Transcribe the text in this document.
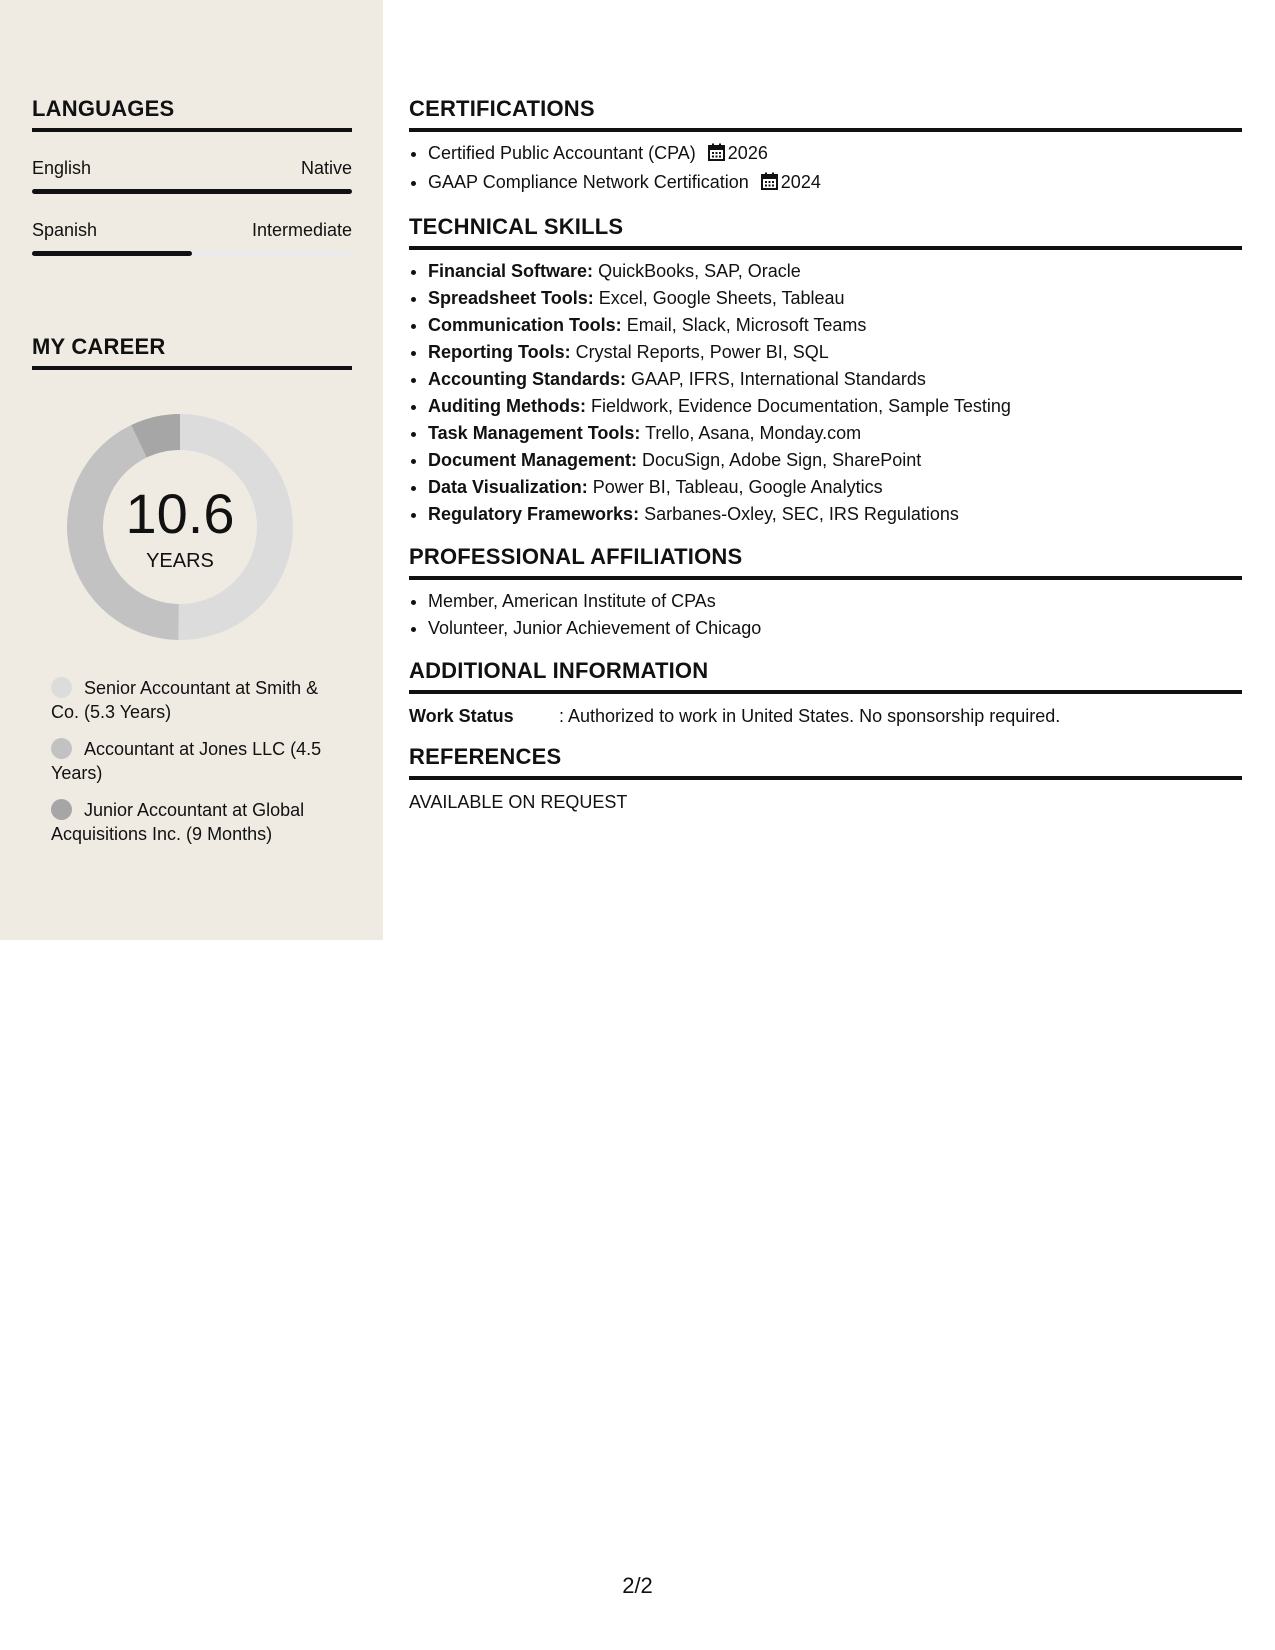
LANGUAGES
English	Native
Spanish	Intermediate
MY CAREER
10.6
YEARS
Senior Accountant at Smith & Co. (5.3 Years)
Accountant at Jones LLC (4.5 Years)
Junior Accountant at Global Acquisitions Inc. (9 Months)
CERTIFICATIONS
• Certified Public Accountant (CPA) 2026
• GAAP Compliance Network Certification 2024
TECHNICAL SKILLS
• Financial Software: QuickBooks, SAP, Oracle
• Spreadsheet Tools: Excel, Google Sheets, Tableau
• Communication Tools: Email, Slack, Microsoft Teams
• Reporting Tools: Crystal Reports, Power BI, SQL
• Accounting Standards: GAAP, IFRS, International Standards
• Auditing Methods: Fieldwork, Evidence Documentation, Sample Testing
• Task Management Tools: Trello, Asana, Monday.com
• Document Management: DocuSign, Adobe Sign, SharePoint
• Data Visualization: Power BI, Tableau, Google Analytics
• Regulatory Frameworks: Sarbanes-Oxley, SEC, IRS Regulations
PROFESSIONAL AFFILIATIONS
• Member, American Institute of CPAs
• Volunteer, Junior Achievement of Chicago
ADDITIONAL INFORMATION
Work Status	: Authorized to work in United States. No sponsorship required.
REFERENCES
AVAILABLE ON REQUEST
2/2
